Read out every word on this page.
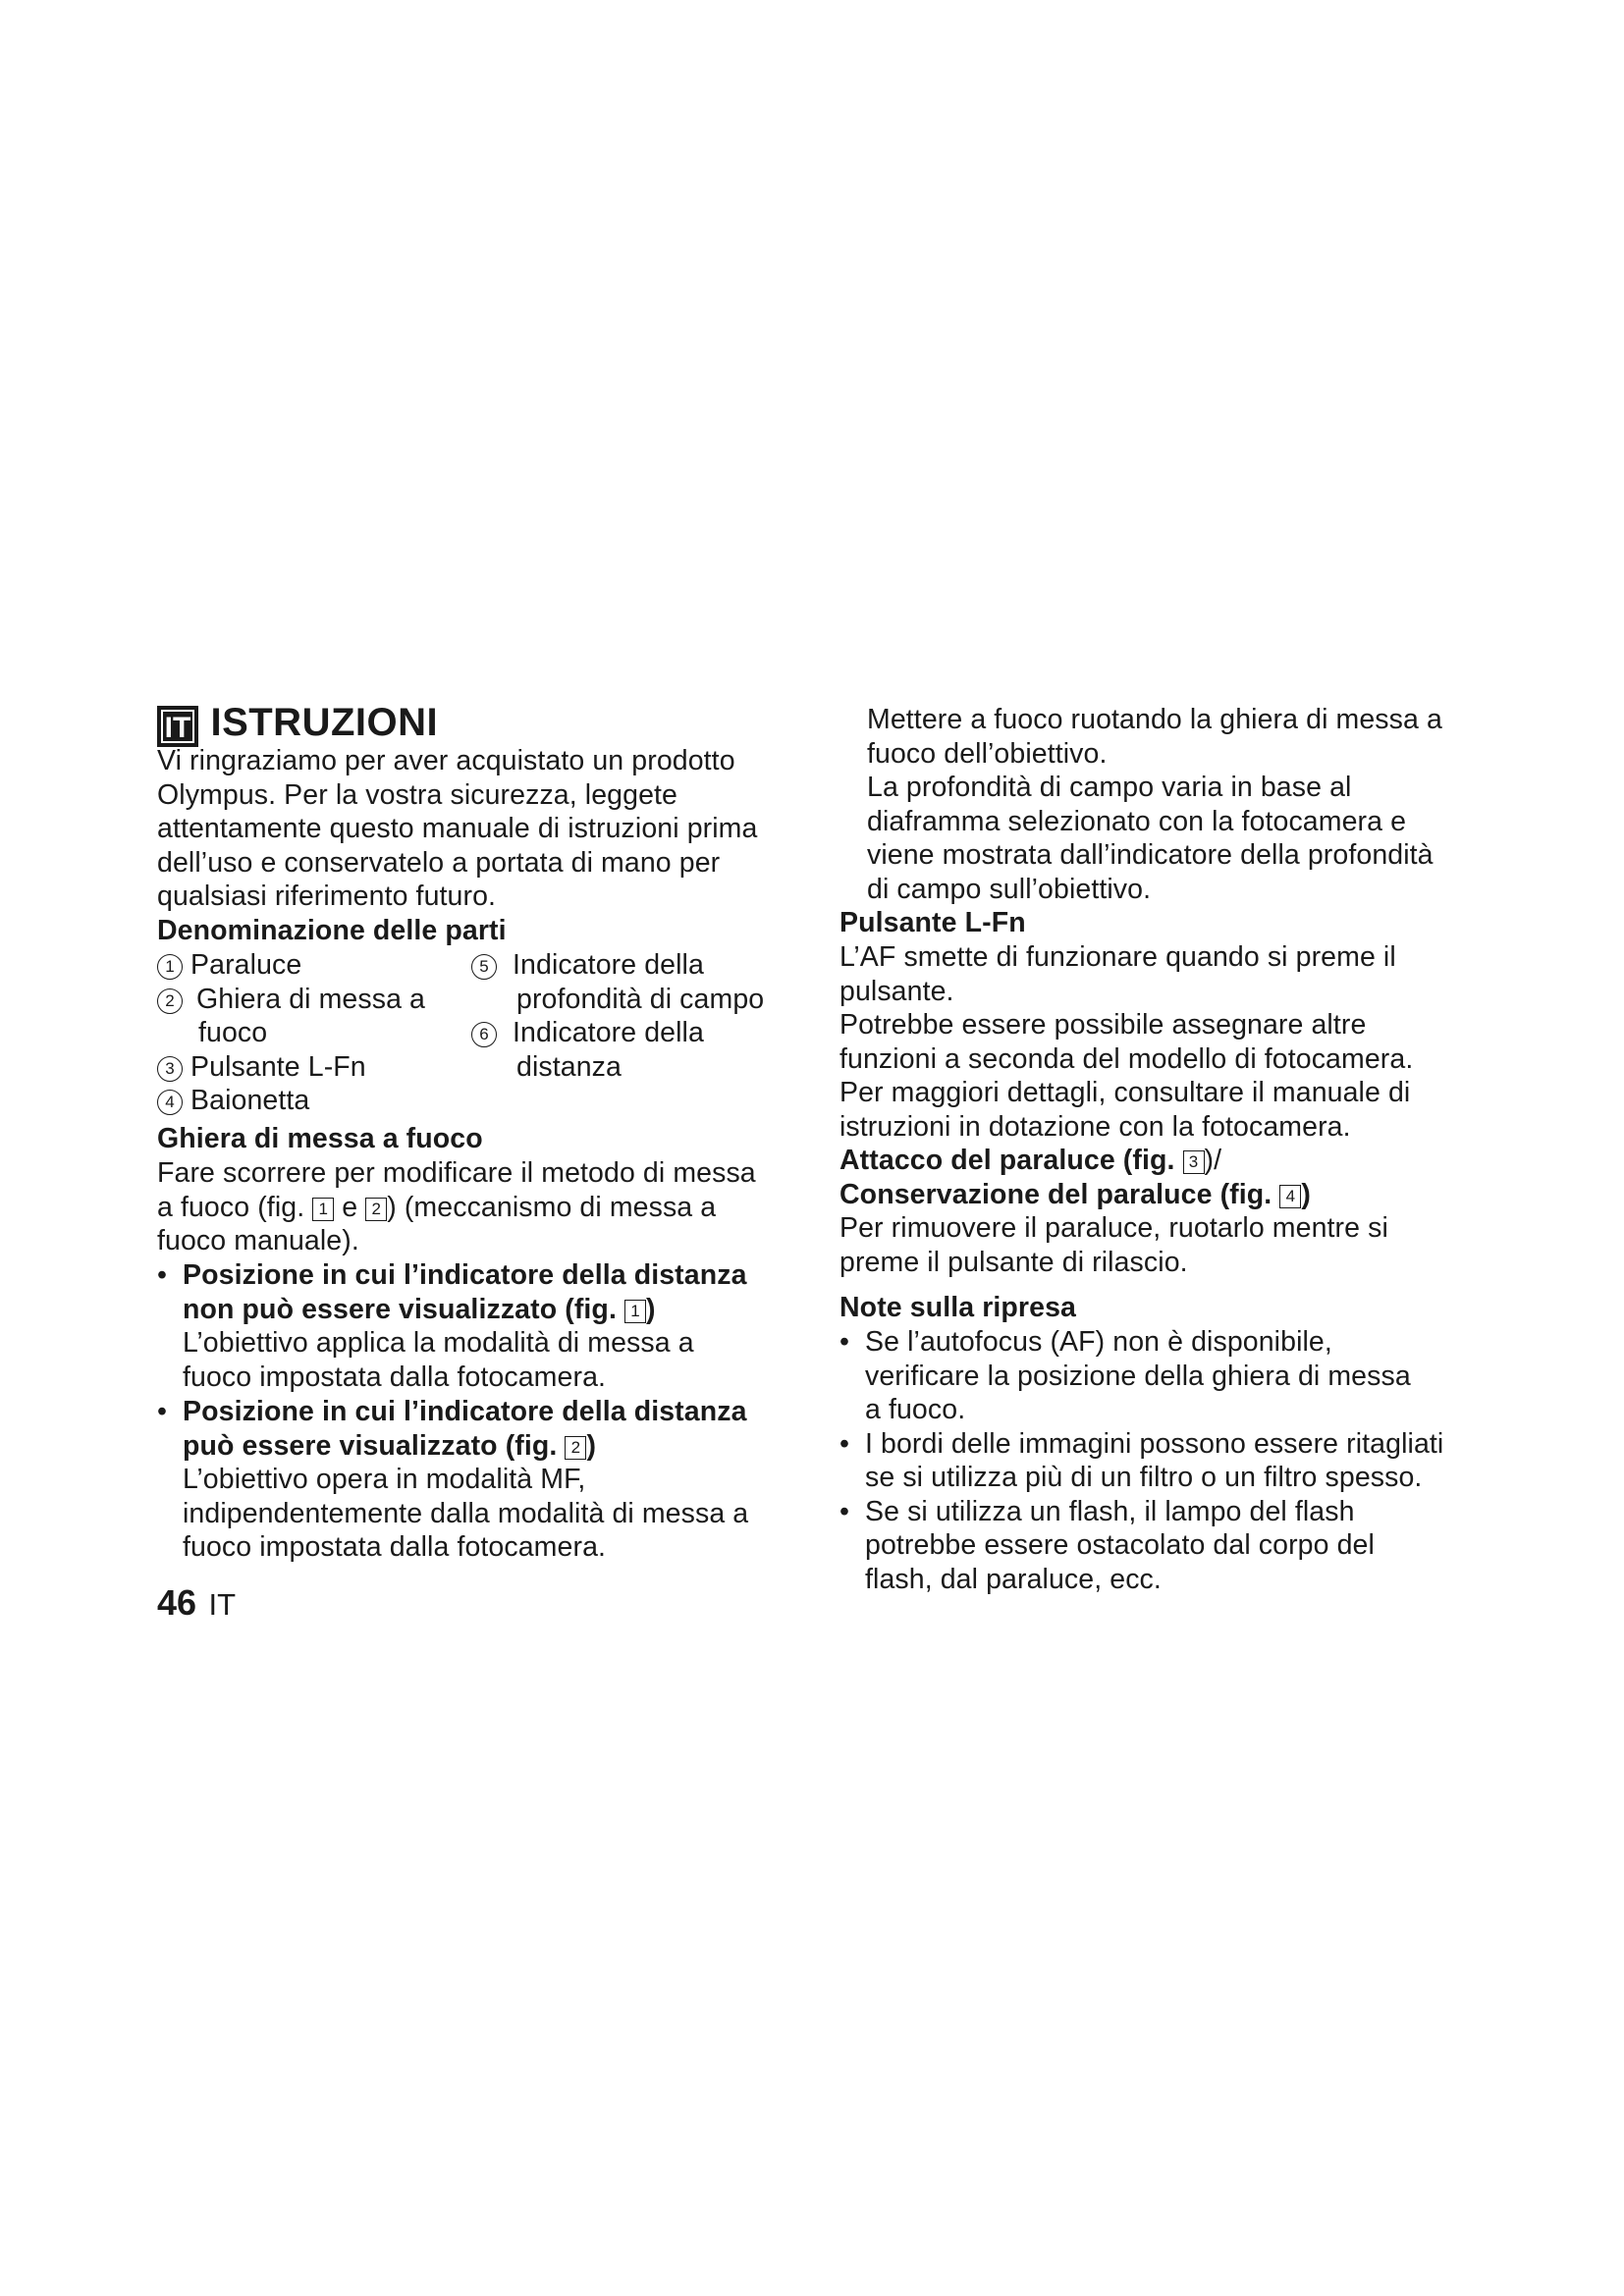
IT ISTRUZIONI
Vi ringraziamo per aver acquistato un prodotto
Olympus. Per la vostra sicurezza, leggete
attentamente questo manuale di istruzioni prima
dell’uso e conservatelo a portata di mano per
qualsiasi riferimento futuro.
Denominazione delle parti
1 Paraluce
2 Ghiera di messa a
fuoco
3 Pulsante L-Fn
4 Baionetta
5 Indicatore della
profondità di campo
6 Indicatore della
distanza
Ghiera di messa a fuoco
Fare scorrere per modificare il metodo di messa
a fuoco (fig. 1 e 2 ) (meccanismo di messa a
fuoco manuale).
• Posizione in cui l’indicatore della distanza
non può essere visualizzato (fig. 1 )
L’obiettivo applica la modalità di messa a
fuoco impostata dalla fotocamera.
• Posizione in cui l’indicatore della distanza
può essere visualizzato (fig. 2 )
L’obiettivo opera in modalità MF,
indipendentemente dalla modalità di messa a
fuoco impostata dalla fotocamera.
46 IT
Mettere a fuoco ruotando la ghiera di messa a
fuoco dell’obiettivo.
La profondità di campo varia in base al
diaframma selezionato con la fotocamera e
viene mostrata dall’indicatore della profondità
di campo sull’obiettivo.
Pulsante L-Fn
L’AF smette di funzionare quando si preme il
pulsante.
Potrebbe essere possibile assegnare altre
funzioni a seconda del modello di fotocamera.
Per maggiori dettagli, consultare il manuale di
istruzioni in dotazione con la fotocamera.
Attacco del paraluce (fig. 3 )/
Conservazione del paraluce (fig. 4 )
Per rimuovere il paraluce, ruotarlo mentre si
preme il pulsante di rilascio.
Note sulla ripresa
• Se l’autofocus (AF) non è disponibile,
verificare la posizione della ghiera di messa
a fuoco.
• I bordi delle immagini possono essere ritagliati
se si utilizza più di un filtro o un filtro spesso.
• Se si utilizza un flash, il lampo del flash
potrebbe essere ostacolato dal corpo del
flash, dal paraluce, ecc.
